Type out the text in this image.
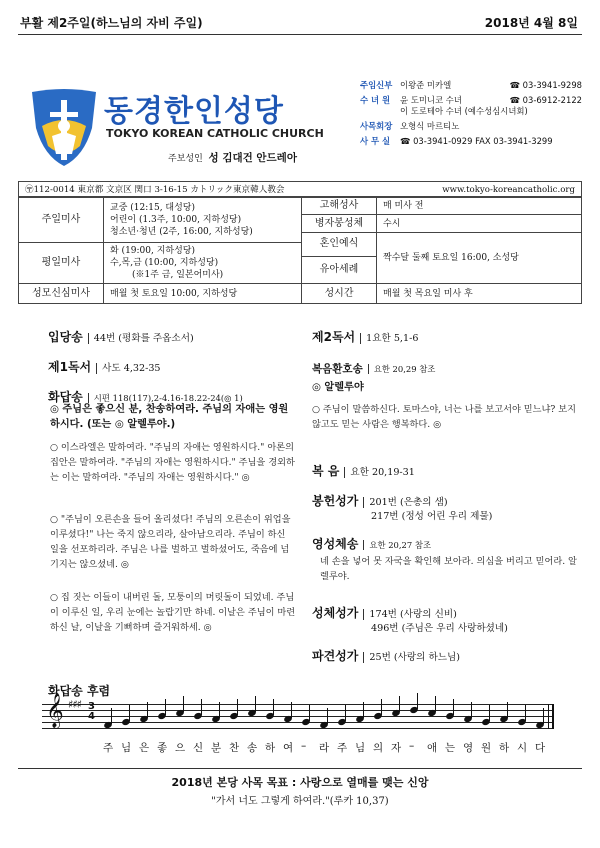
부활 제2주일(하느님의 자비 주일)	2018년 4월 8일
동경한인성당
TOKYO KOREAN CATHOLIC CHURCH
주보성인 성 김대건 안드레아
주임신부 이왕준 미카엘	☎ 03-3941-9298
수 녀 원	윤 도미니코 수녀	☎ 03-6912-2122
이 도로테아 수녀 (예수성심시녀회)
사목회장 오형식 마르티노
사 무 실	☎ 03-3941-0929 FAX 03-3941-3299
〶112-0014 東京都 文京区 関口 3-16-15 カトリック東京韓人教会	www.tokyo-koreancatholic.org
주일미사	교중 (12:15, 대성당)
어린이 (1.3주, 10:00, 지하성당)
청소년·청년 (2주, 16:00, 지하성당)	고해성사	매 미사 전
		병자봉성체	수시
		혼인예식	짝수달 둘째 토요일 16:00, 소성당
평일미사	화 (19:00, 지하성당)
수,목,금 (10:00, 지하성당)
(※1주 금, 일본어미사)		

		유아세례	
성모신심미사	매월 첫 토요일 10:00, 지하성당	성시간	매월 첫 목요일 미사 후
입당송 44번 (평화를 주옵소서)
제1독서 사도 4,32-35
화답송 시편 118(117),2-4.16-18.22-24(◎ 1)
◎ 주님은 좋으신 분, 찬송하여라. 주님의 자애는 영원하시다. (또는 ◎ 알렐루야.)
○ 이스라엘은 말하여라. "주님의 자애는 영원하시다." 아론의 집안은 말하여라. "주님의 자애는 영원하시다." 주님을 경외하는 이는 말하여라. "주님의 자애는 영원하시다." ◎
○ "주님이 오른손을 들어 올리셨다! 주님의 오른손이 위업을 이루셨다!" 나는 죽지 않으리라, 살아남으리라. 주님이 하신 일을 선포하리라. 주님은 나를 벌하고 벌하셨어도, 죽음에 넘기지는 않으셨네. ◎
○ 집 짓는 이들이 내버린 돌, 모퉁이의 머릿돌이 되었네. 주님이 이루신 일, 우리 눈에는 놀랍기만 하네. 이날은 주님이 마련하신 날, 이날을 기뻐하며 즐거워하세. ◎
제2독서 1요한 5,1-6
복음환호송 요한 20,29 참조
◎ 알렐루야
○ 주님이 말씀하신다. 토마스야, 너는 나를 보고서야 믿느냐? 보지 않고도 믿는 사람은 행복하다. ◎
복 음 요한 20,19-31
봉헌성가 201번 (은총의 샘)
217번 (정성 어린 우리 제물)
영성체송 요한 20,27 참조
네 손을 넣어 못 자국을 확인해 보아라. 의심을 버리고 믿어라. 알렐루야.
성체성가 174번 (사랑의 신비)
496번 (주님은 우리 사랑하셨네)
파견성가 25번 (사랑의 하느님)
화답송 후렴
𝄞 ♯♯♯ 3
4
주 님 은 좋 으 신 분 찬 송 하 여 – 라 주 님 의 자 – 애 는 영 원 하 시 다
2018년 본당 사목 목표 : 사랑으로 열매를 맺는 신앙
"가서 너도 그렇게 하여라."(루카 10,37)
